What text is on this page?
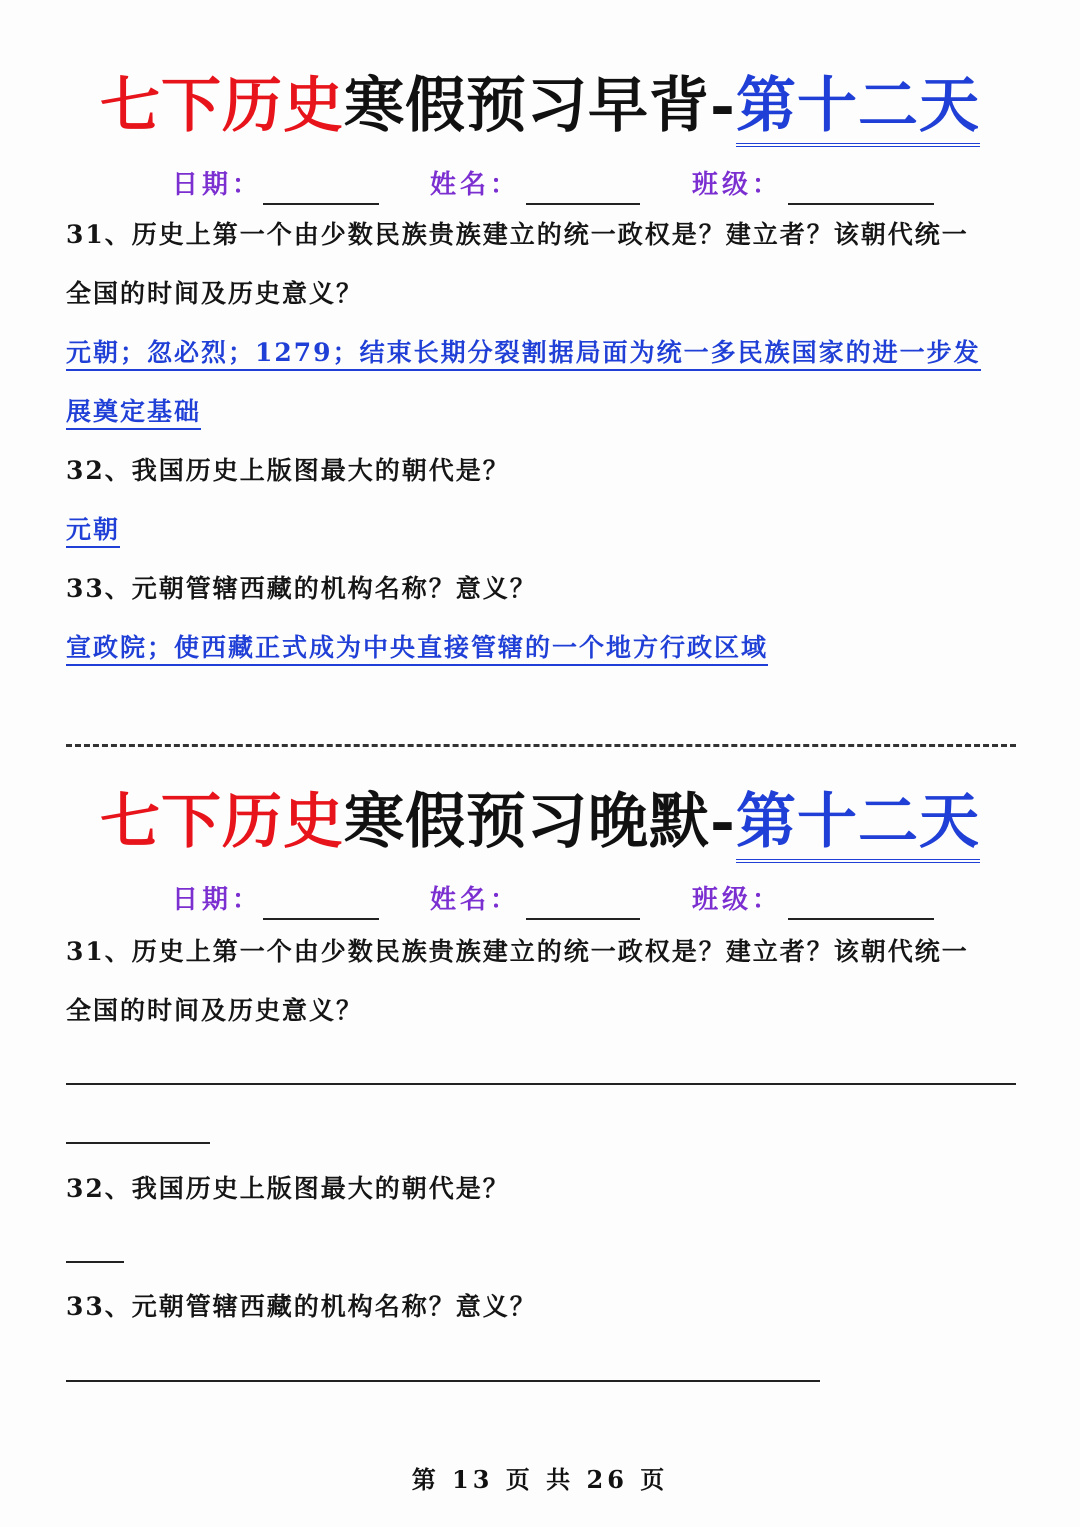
七下历史寒假预习早背-第十二天
日期：	姓名：	班级：
31、历史上第一个由少数民族贵族建立的统一政权是？建立者？该朝代统一
全国的时间及历史意义？
元朝；忽必烈；1279；结束长期分裂割据局面为统一多民族国家的进一步发
展奠定基础
32、我国历史上版图最大的朝代是？
元朝
33、元朝管辖西藏的机构名称？意义？
宣政院；使西藏正式成为中央直接管辖的一个地方行政区域
七下历史寒假预习晚默-第十二天
日期：	姓名：	班级：
31、历史上第一个由少数民族贵族建立的统一政权是？建立者？该朝代统一
全国的时间及历史意义？
32、我国历史上版图最大的朝代是？
33、元朝管辖西藏的机构名称？意义？
第 13 页 共 26 页
